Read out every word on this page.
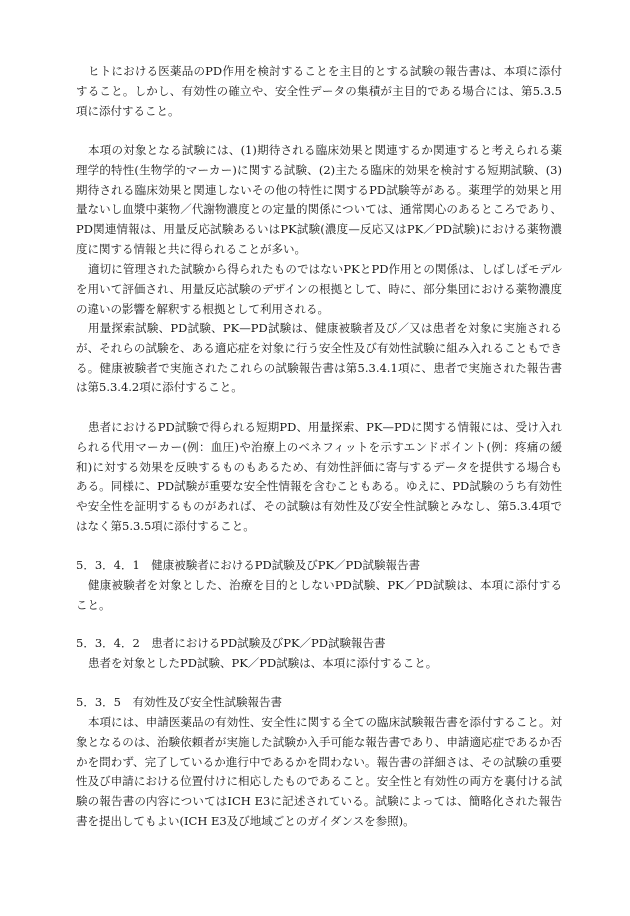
ヒトにおける医薬品のPD作用を検討することを主目的とする試験の報告書は、本項に添付すること。しかし、有効性の確立や、安全性データの集積が主目的である場合には、第5.3.5項に添付すること。

本項の対象となる試験には、(1)期待される臨床効果と関連するか関連すると考えられる薬理学的特性(生物学的マーカー)に関する試験、(2)主たる臨床的効果を検討する短期試験、(3)期待される臨床効果と関連しないその他の特性に関するPD試験等がある。薬理学的効果と用量ないし血漿中薬物／代謝物濃度との定量的関係については、通常関心のあるところであり、PD関連情報は、用量反応試験あるいはPK試験(濃度—反応又はPK／PD試験)における薬物濃度に関する情報と共に得られることが多い。

適切に管理された試験から得られたものではないPKとPD作用との関係は、しばしばモデルを用いて評価され、用量反応試験のデザインの根拠として、時に、部分集団における薬物濃度の違いの影響を解釈する根拠として利用される。

用量探索試験、PD試験、PK—PD試験は、健康被験者及び／又は患者を対象に実施されるが、それらの試験を、ある適応症を対象に行う安全性及び有効性試験に組み入れることもできる。健康被験者で実施されたこれらの試験報告書は第5.3.4.1項に、患者で実施された報告書は第5.3.4.2項に添付すること。

患者におけるPD試験で得られる短期PD、用量探索、PK—PDに関する情報には、受け入れられる代用マーカー(例：血圧)や治療上のベネフィットを示すエンドポイント(例：疼痛の緩和)に対する効果を反映するものもあるため、有効性評価に寄与するデータを提供する場合もある。同様に、PD試験が重要な安全性情報を含むこともある。ゆえに、PD試験のうち有効性や安全性を証明するものがあれば、その試験は有効性及び安全性試験とみなし、第5.3.4項ではなく第5.3.5項に添付すること。

5．3．4．1　健康被験者におけるPD試験及びPK／PD試験報告書

健康被験者を対象とした、治療を目的としないPD試験、PK／PD試験は、本項に添付すること。

5．3．4．2　患者におけるPD試験及びPK／PD試験報告書

患者を対象としたPD試験、PK／PD試験は、本項に添付すること。

5．3．5　有効性及び安全性試験報告書

本項には、申請医薬品の有効性、安全性に関する全ての臨床試験報告書を添付すること。対象となるのは、治験依頼者が実施した試験か入手可能な報告書であり、申請適応症であるか否かを問わず、完了しているか進行中であるかを問わない。報告書の詳細さは、その試験の重要性及び申請における位置付けに相応したものであること。安全性と有効性の両方を裏付ける試験の報告書の内容についてはICH E3に記述されている。試験によっては、簡略化された報告書を提出してもよい(ICH E3及び地域ごとのガイダンスを参照)。
